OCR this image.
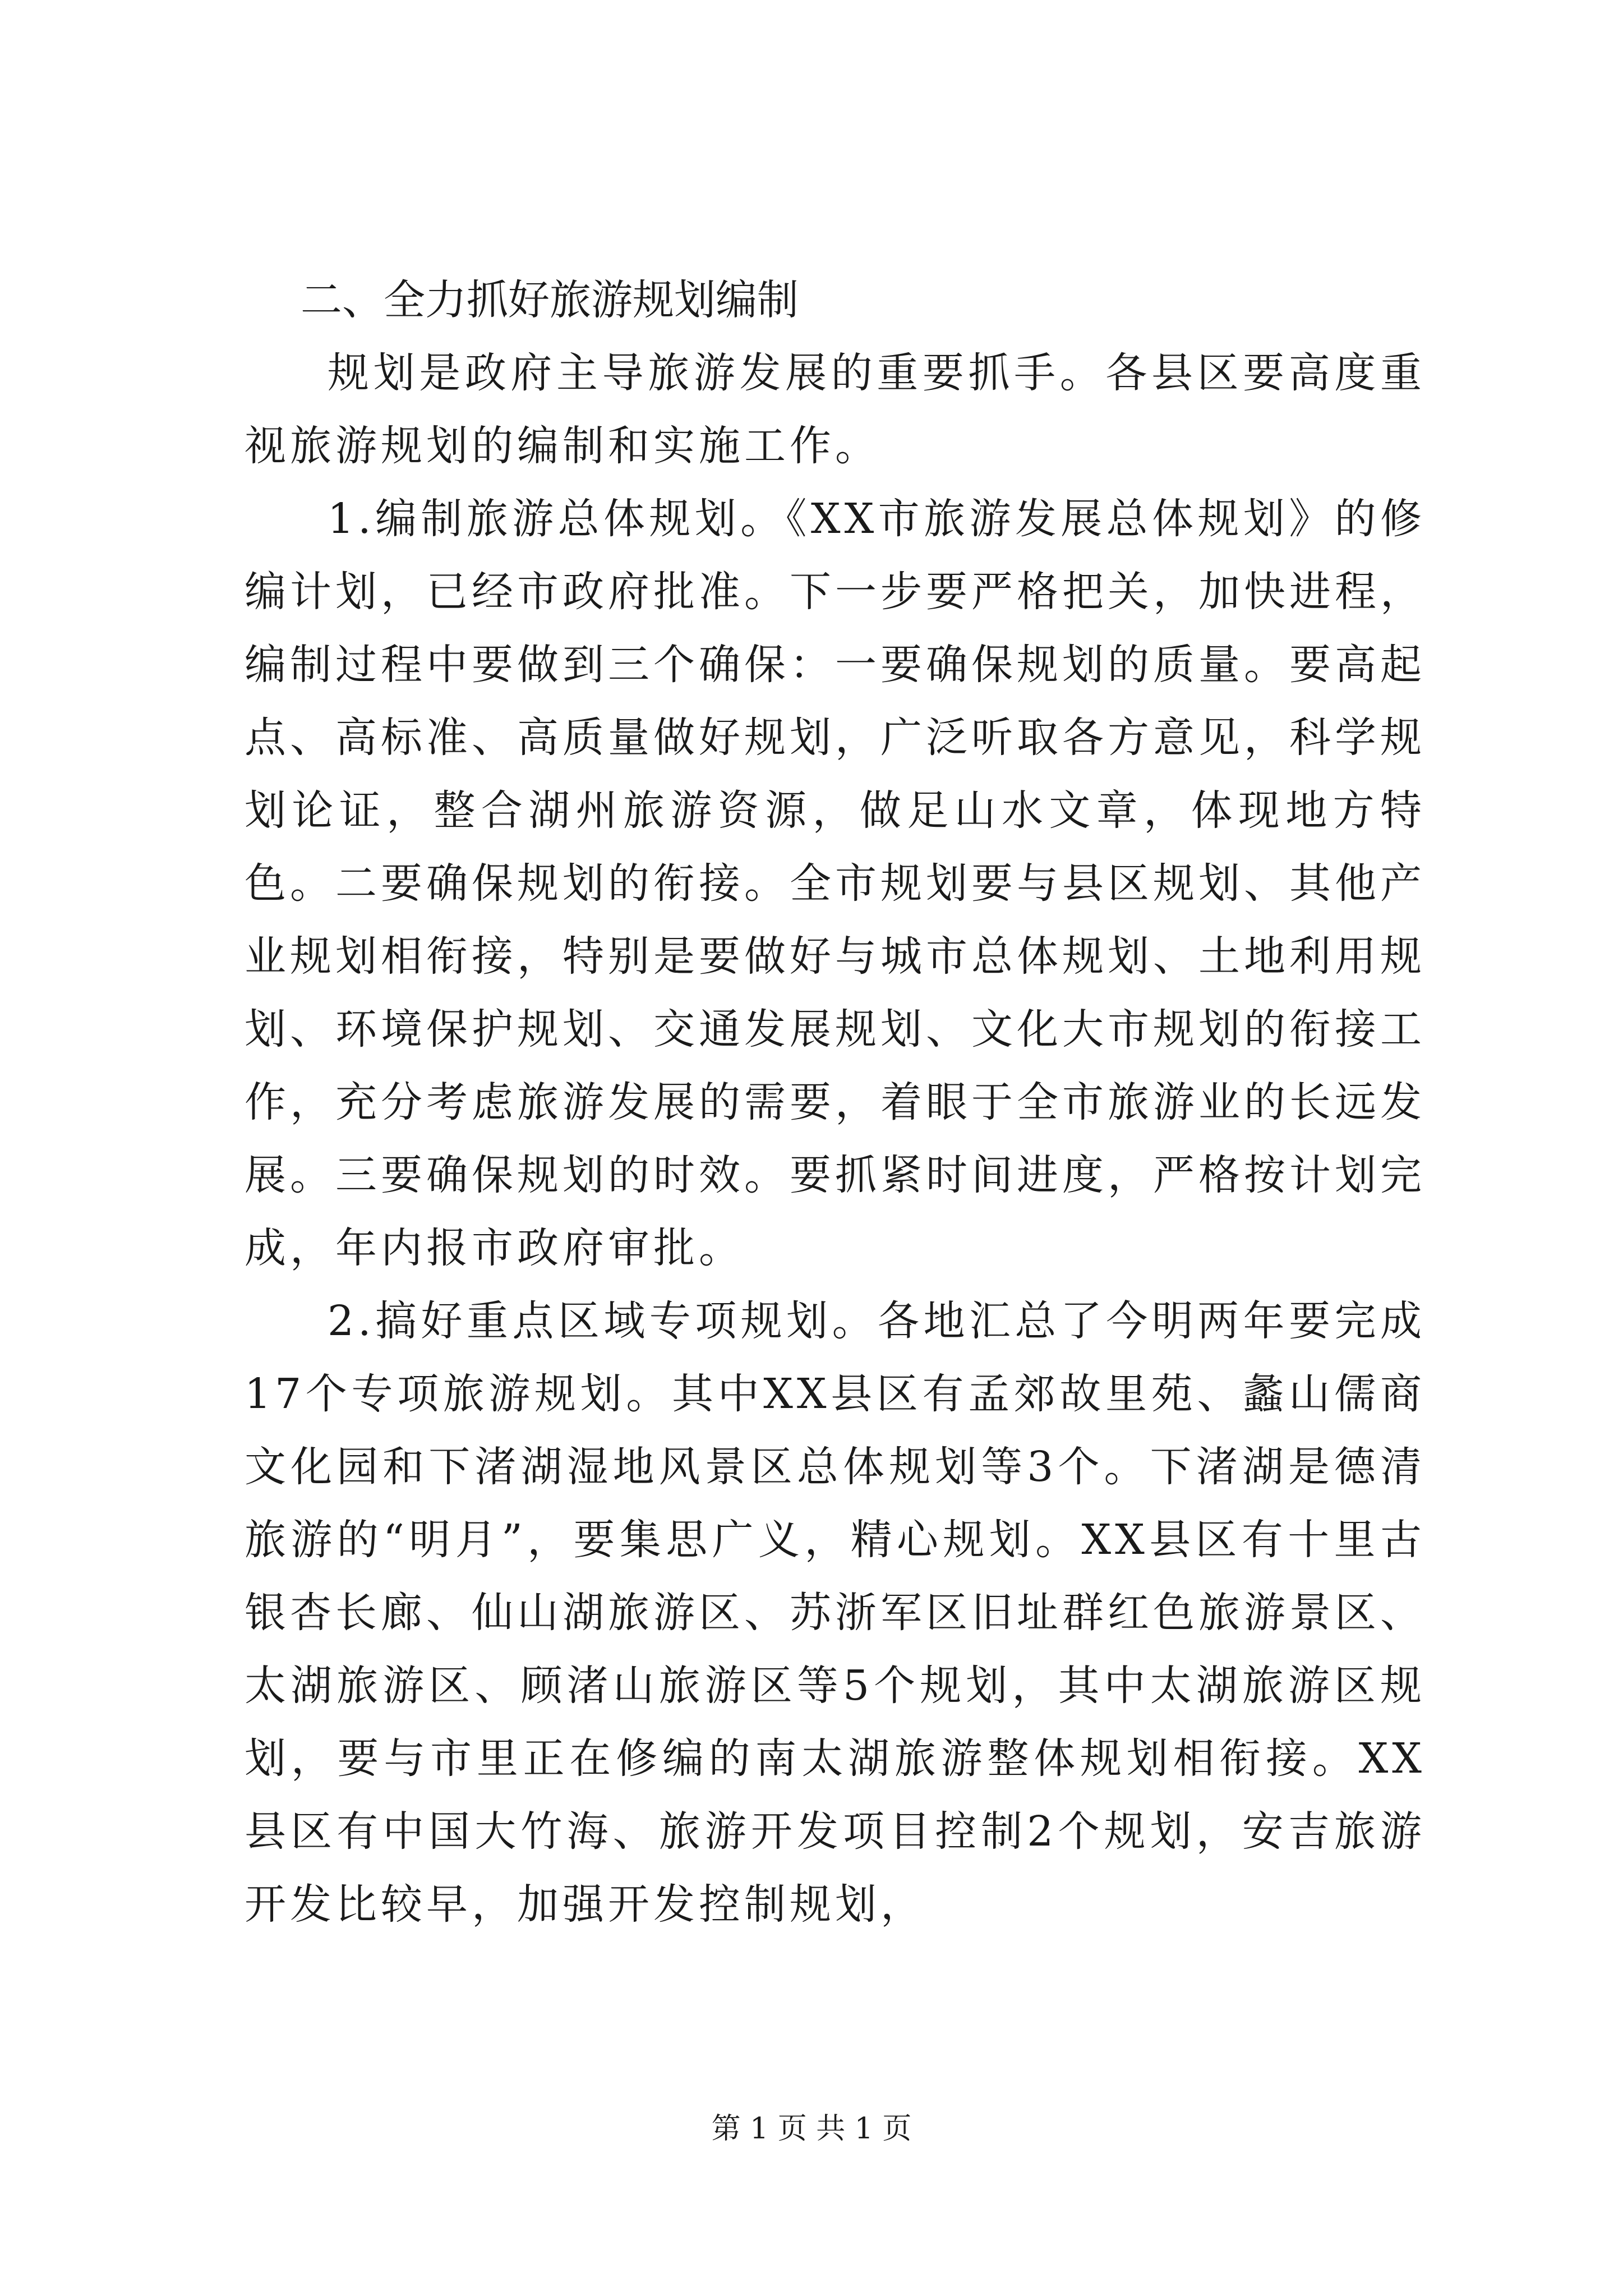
二、全力抓好旅游规划编制

规划是政府主导旅游发展的重要抓手。各县区要高度重视旅游规划的编制和实施工作。

1.编制旅游总体规划。《XX市旅游发展总体规划》的修编计划，已经市政府批准。下一步要严格把关，加快进程，编制过程中要做到三个确保：一要确保规划的质量。要高起点、高标准、高质量做好规划，广泛听取各方意见，科学规划论证，整合湖州旅游资源，做足山水文章，体现地方特色。二要确保规划的衔接。全市规划要与县区规划、其他产业规划相衔接，特别是要做好与城市总体规划、土地利用规划、环境保护规划、交通发展规划、文化大市规划的衔接工作，充分考虑旅游发展的需要，着眼于全市旅游业的长远发展。三要确保规划的时效。要抓紧时间进度，严格按计划完成，年内报市政府审批。

2.搞好重点区域专项规划。各地汇总了今明两年要完成17个专项旅游规划。其中XX县区有孟郊故里苑、蠡山儒商文化园和下渚湖湿地风景区总体规划等3个。下渚湖是德清旅游的“明月”，要集思广义，精心规划。XX县区有十里古银杏长廊、仙山湖旅游区、苏浙军区旧址群红色旅游景区、太湖旅游区、顾渚山旅游区等5个规划，其中太湖旅游区规划，要与市里正在修编的南太湖旅游整体规划相衔接。XX县区有中国大竹海、旅游开发项目控制2个规划，安吉旅游开发比较早，加强开发控制规划，

第 1 页 共 1 页
